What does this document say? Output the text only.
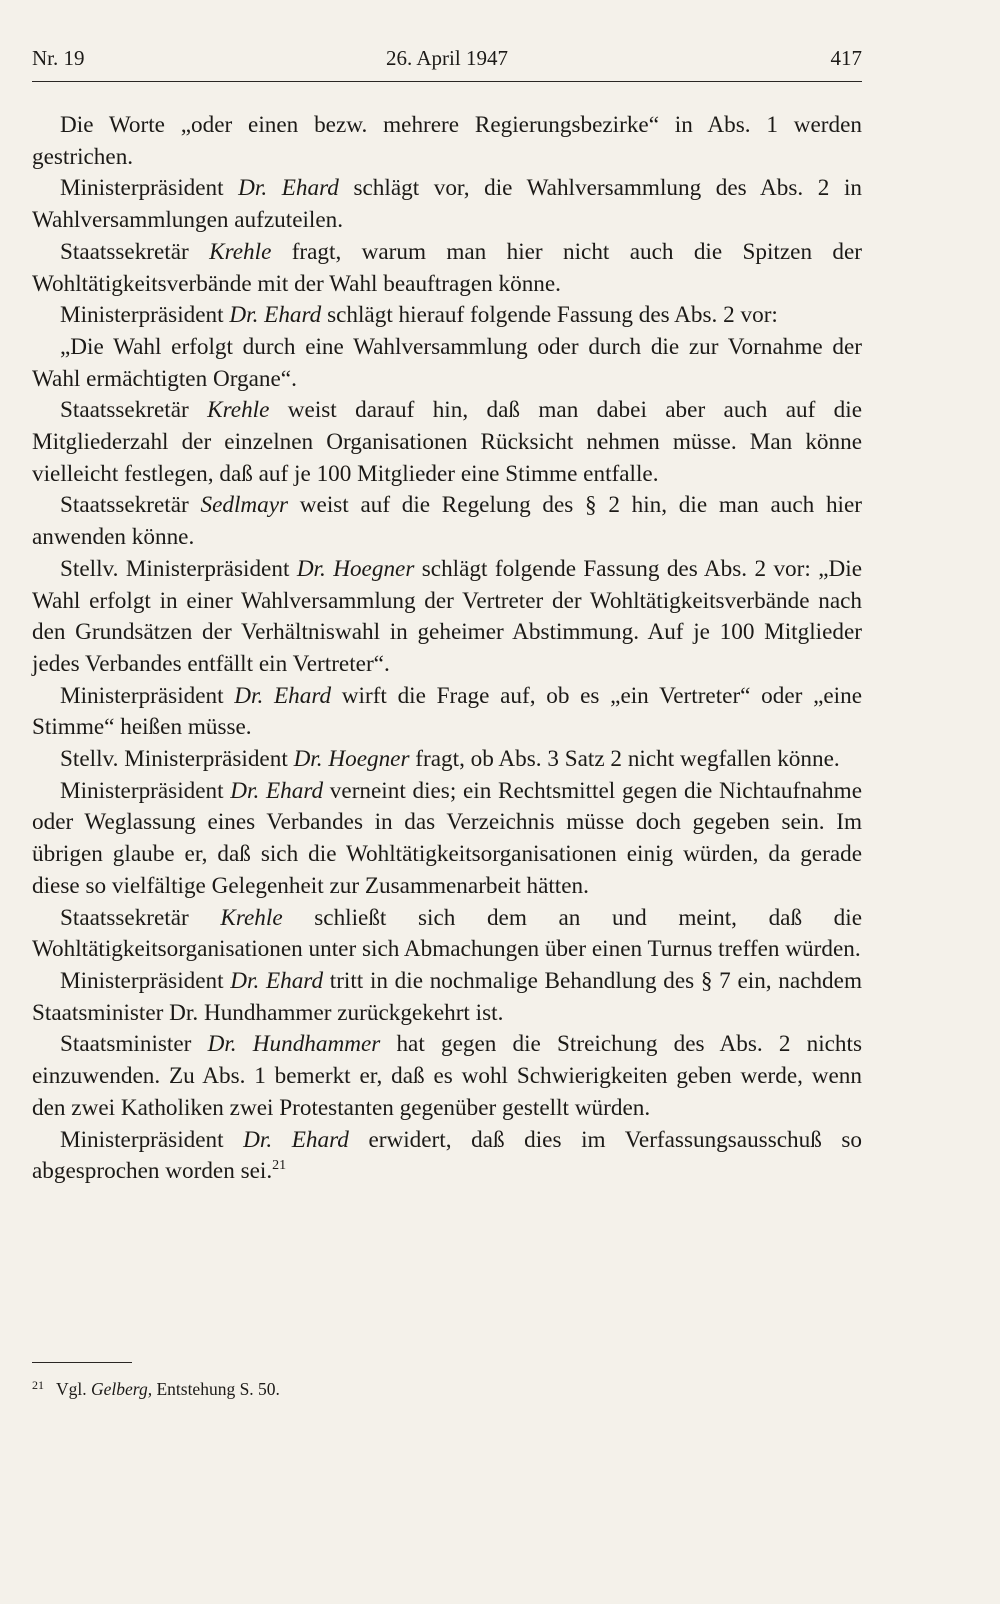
Nr. 19	26. April 1947	417

Die Worte „oder einen bezw. mehrere Regierungsbezirke“ in Abs. 1 werden gestrichen.

Ministerpräsident Dr. Ehard schlägt vor, die Wahlversammlung des Abs. 2 in Wahlversammlungen aufzuteilen.

Staatssekretär Krehle fragt, warum man hier nicht auch die Spitzen der Wohltätigkeitsverbände mit der Wahl beauftragen könne.

Ministerpräsident Dr. Ehard schlägt hierauf folgende Fassung des Abs. 2 vor:

„Die Wahl erfolgt durch eine Wahlversammlung oder durch die zur Vornahme der Wahl ermächtigten Organe“.

Staatssekretär Krehle weist darauf hin, daß man dabei aber auch auf die Mitgliederzahl der einzelnen Organisationen Rücksicht nehmen müsse. Man könne vielleicht festlegen, daß auf je 100 Mitglieder eine Stimme entfalle.

Staatssekretär Sedlmayr weist auf die Regelung des § 2 hin, die man auch hier anwenden könne.

Stellv. Ministerpräsident Dr. Hoegner schlägt folgende Fassung des Abs. 2 vor: „Die Wahl erfolgt in einer Wahlversammlung der Vertreter der Wohltätigkeitsverbände nach den Grundsätzen der Verhältniswahl in geheimer Abstimmung. Auf je 100 Mitglieder jedes Verbandes entfällt ein Vertreter“.

Ministerpräsident Dr. Ehard wirft die Frage auf, ob es „ein Vertreter“ oder „eine Stimme“ heißen müsse.

Stellv. Ministerpräsident Dr. Hoegner fragt, ob Abs. 3 Satz 2 nicht wegfallen könne.

Ministerpräsident Dr. Ehard verneint dies; ein Rechtsmittel gegen die Nichtaufnahme oder Weglassung eines Verbandes in das Verzeichnis müsse doch gegeben sein. Im übrigen glaube er, daß sich die Wohltätigkeitsorganisationen einig würden, da gerade diese so vielfältige Gelegenheit zur Zusammenarbeit hätten.

Staatssekretär Krehle schließt sich dem an und meint, daß die Wohltätigkeitsorganisationen unter sich Abmachungen über einen Turnus treffen würden.

Ministerpräsident Dr. Ehard tritt in die nochmalige Behandlung des § 7 ein, nachdem Staatsminister Dr. Hundhammer zurückgekehrt ist.

Staatsminister Dr. Hundhammer hat gegen die Streichung des Abs. 2 nichts einzuwenden. Zu Abs. 1 bemerkt er, daß es wohl Schwierigkeiten geben werde, wenn den zwei Katholiken zwei Protestanten gegenüber gestellt würden.

Ministerpräsident Dr. Ehard erwidert, daß dies im Verfassungsausschuß so abgesprochen worden sei.$^{21}$

$^{21}$ Vgl. Gelberg, Entstehung S. 50.
